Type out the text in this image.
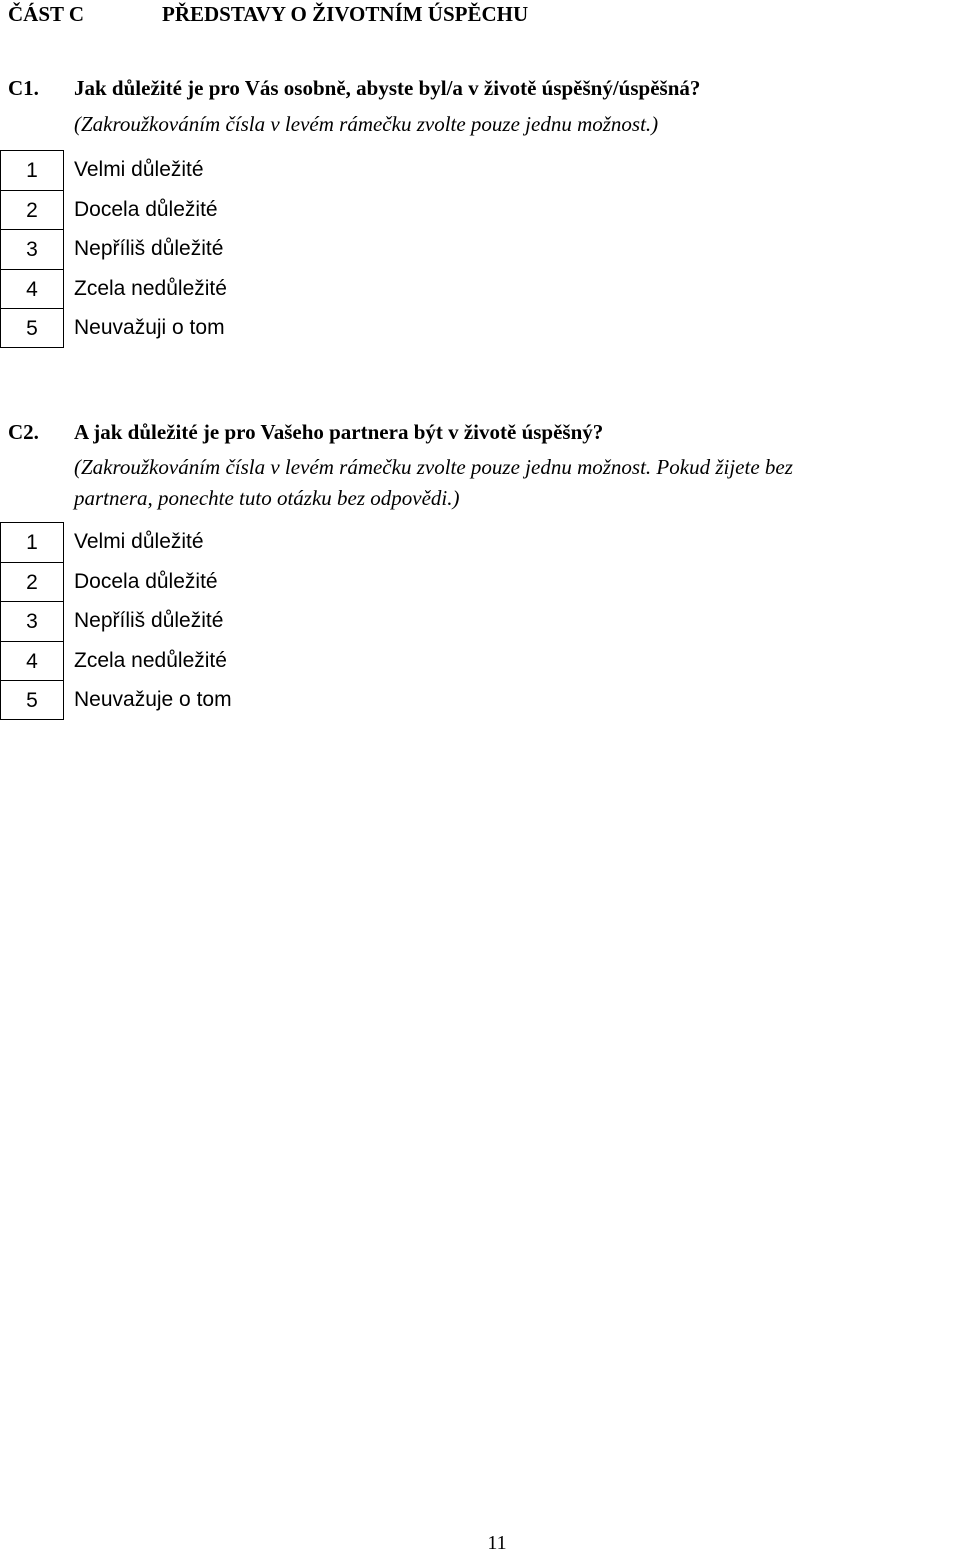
ČÁST C	PŘEDSTAVY O ŽIVOTNÍM ÚSPĚCHU
C1. Jak důležité je pro Vás osobně, abyste byl/a v životě úspěšný/úspěšná?
(Zakroužkováním čísla v levém rámečku zvolte pouze jednu možnost.)
1	Velmi důležité
2	Docela důležité
3	Nepříliš důležité
4	Zcela nedůležité
5	Neuvažuji o tom
C2. A jak důležité je pro Vašeho partnera být v životě úspěšný?
(Zakroužkováním čísla v levém rámečku zvolte pouze jednu možnost. Pokud žijete bez
partnera, ponechte tuto otázku bez odpovědi.)
1	Velmi důležité
2	Docela důležité
3	Nepříliš důležité
4	Zcela nedůležité
5	Neuvažuje o tom
11
